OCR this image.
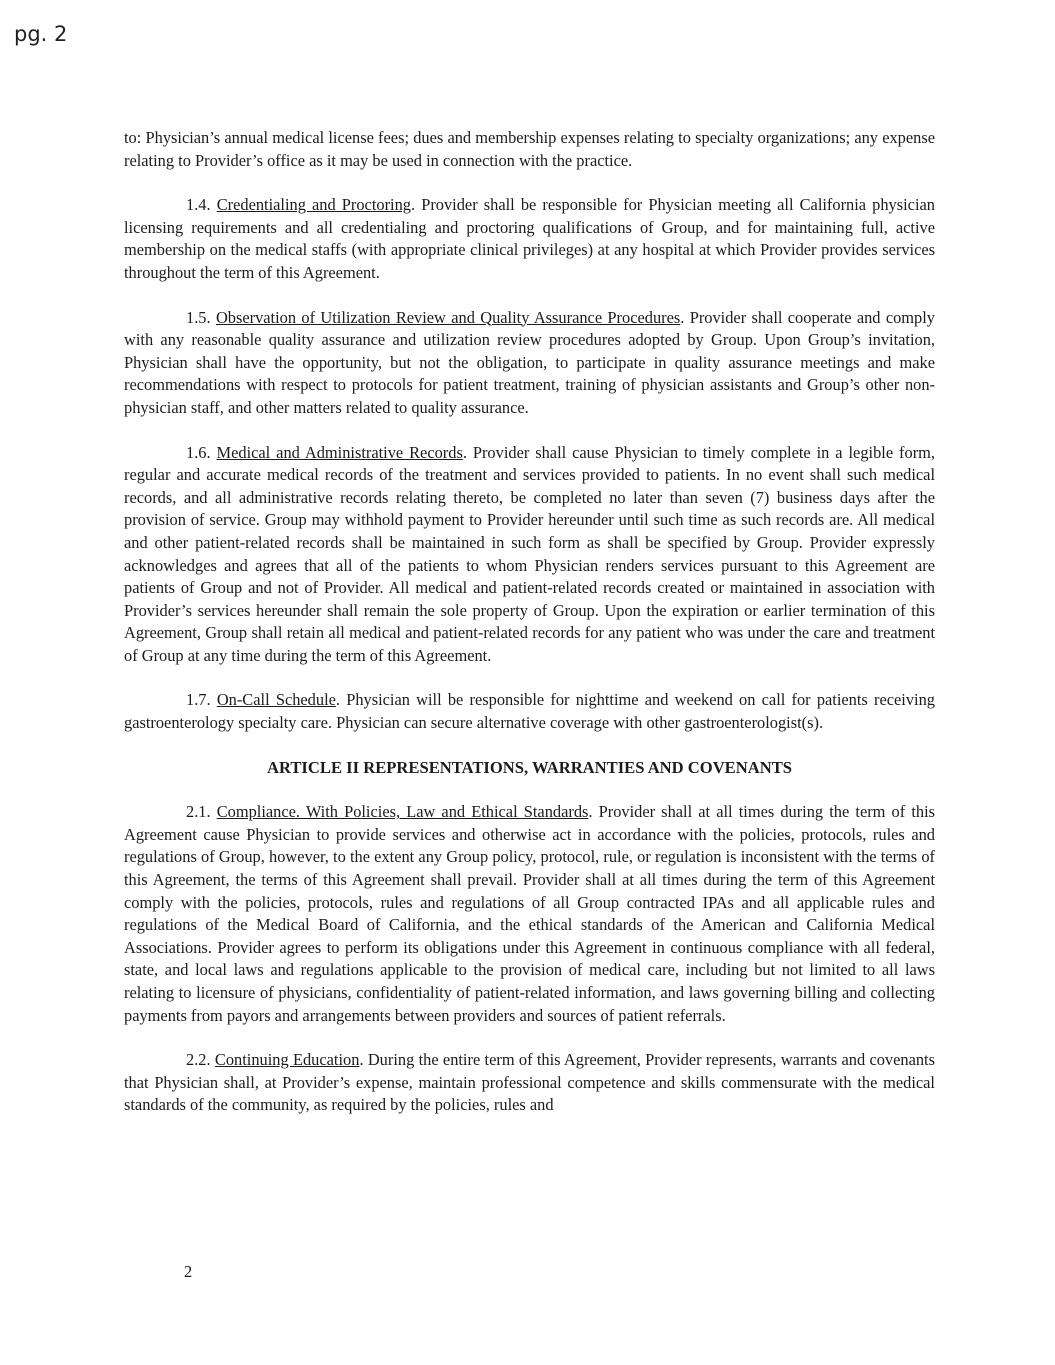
pg. 2

to: Physician’s annual medical license fees; dues and membership expenses relating to specialty organizations; any expense relating to Provider’s office as it may be used in connection with the practice.

1.4. Credentialing and Proctoring. Provider shall be responsible for Physician meeting all California physician licensing requirements and all credentialing and proctoring qualifications of Group, and for maintaining full, active membership on the medical staffs (with appropriate clinical privileges) at any hospital at which Provider provides services throughout the term of this Agreement.

1.5. Observation of Utilization Review and Quality Assurance Procedures. Provider shall cooperate and comply with any reasonable quality assurance and utilization review procedures adopted by Group. Upon Group’s invitation, Physician shall have the opportunity, but not the obligation, to participate in quality assurance meetings and make recommendations with respect to protocols for patient treatment, training of physician assistants and Group’s other non-physician staff, and other matters related to quality assurance.

1.6. Medical and Administrative Records. Provider shall cause Physician to timely complete in a legible form, regular and accurate medical records of the treatment and services provided to patients. In no event shall such medical records, and all administrative records relating thereto, be completed no later than seven (7) business days after the provision of service. Group may withhold payment to Provider hereunder until such time as such records are. All medical and other patient-related records shall be maintained in such form as shall be specified by Group. Provider expressly acknowledges and agrees that all of the patients to whom Physician renders services pursuant to this Agreement are patients of Group and not of Provider. All medical and patient-related records created or maintained in association with Provider’s services hereunder shall remain the sole property of Group. Upon the expiration or earlier termination of this Agreement, Group shall retain all medical and patient-related records for any patient who was under the care and treatment of Group at any time during the term of this Agreement.

1.7. On-Call Schedule. Physician will be responsible for nighttime and weekend on call for patients receiving gastroenterology specialty care. Physician can secure alternative coverage with other gastroenterologist(s).

ARTICLE II REPRESENTATIONS, WARRANTIES AND COVENANTS

2.1. Compliance. With Policies, Law and Ethical Standards. Provider shall at all times during the term of this Agreement cause Physician to provide services and otherwise act in accordance with the policies, protocols, rules and regulations of Group, however, to the extent any Group policy, protocol, rule, or regulation is inconsistent with the terms of this Agreement, the terms of this Agreement shall prevail. Provider shall at all times during the term of this Agreement comply with the policies, protocols, rules and regulations of all Group contracted IPAs and all applicable rules and regulations of the Medical Board of California, and the ethical standards of the American and California Medical Associations. Provider agrees to perform its obligations under this Agreement in continuous compliance with all federal, state, and local laws and regulations applicable to the provision of medical care, including but not limited to all laws relating to licensure of physicians, confidentiality of patient-related information, and laws governing billing and collecting payments from payors and arrangements between providers and sources of patient referrals.

2.2. Continuing Education. During the entire term of this Agreement, Provider represents, warrants and covenants that Physician shall, at Provider’s expense, maintain professional competence and skills commensurate with the medical standards of the community, as required by the policies, rules and

2
